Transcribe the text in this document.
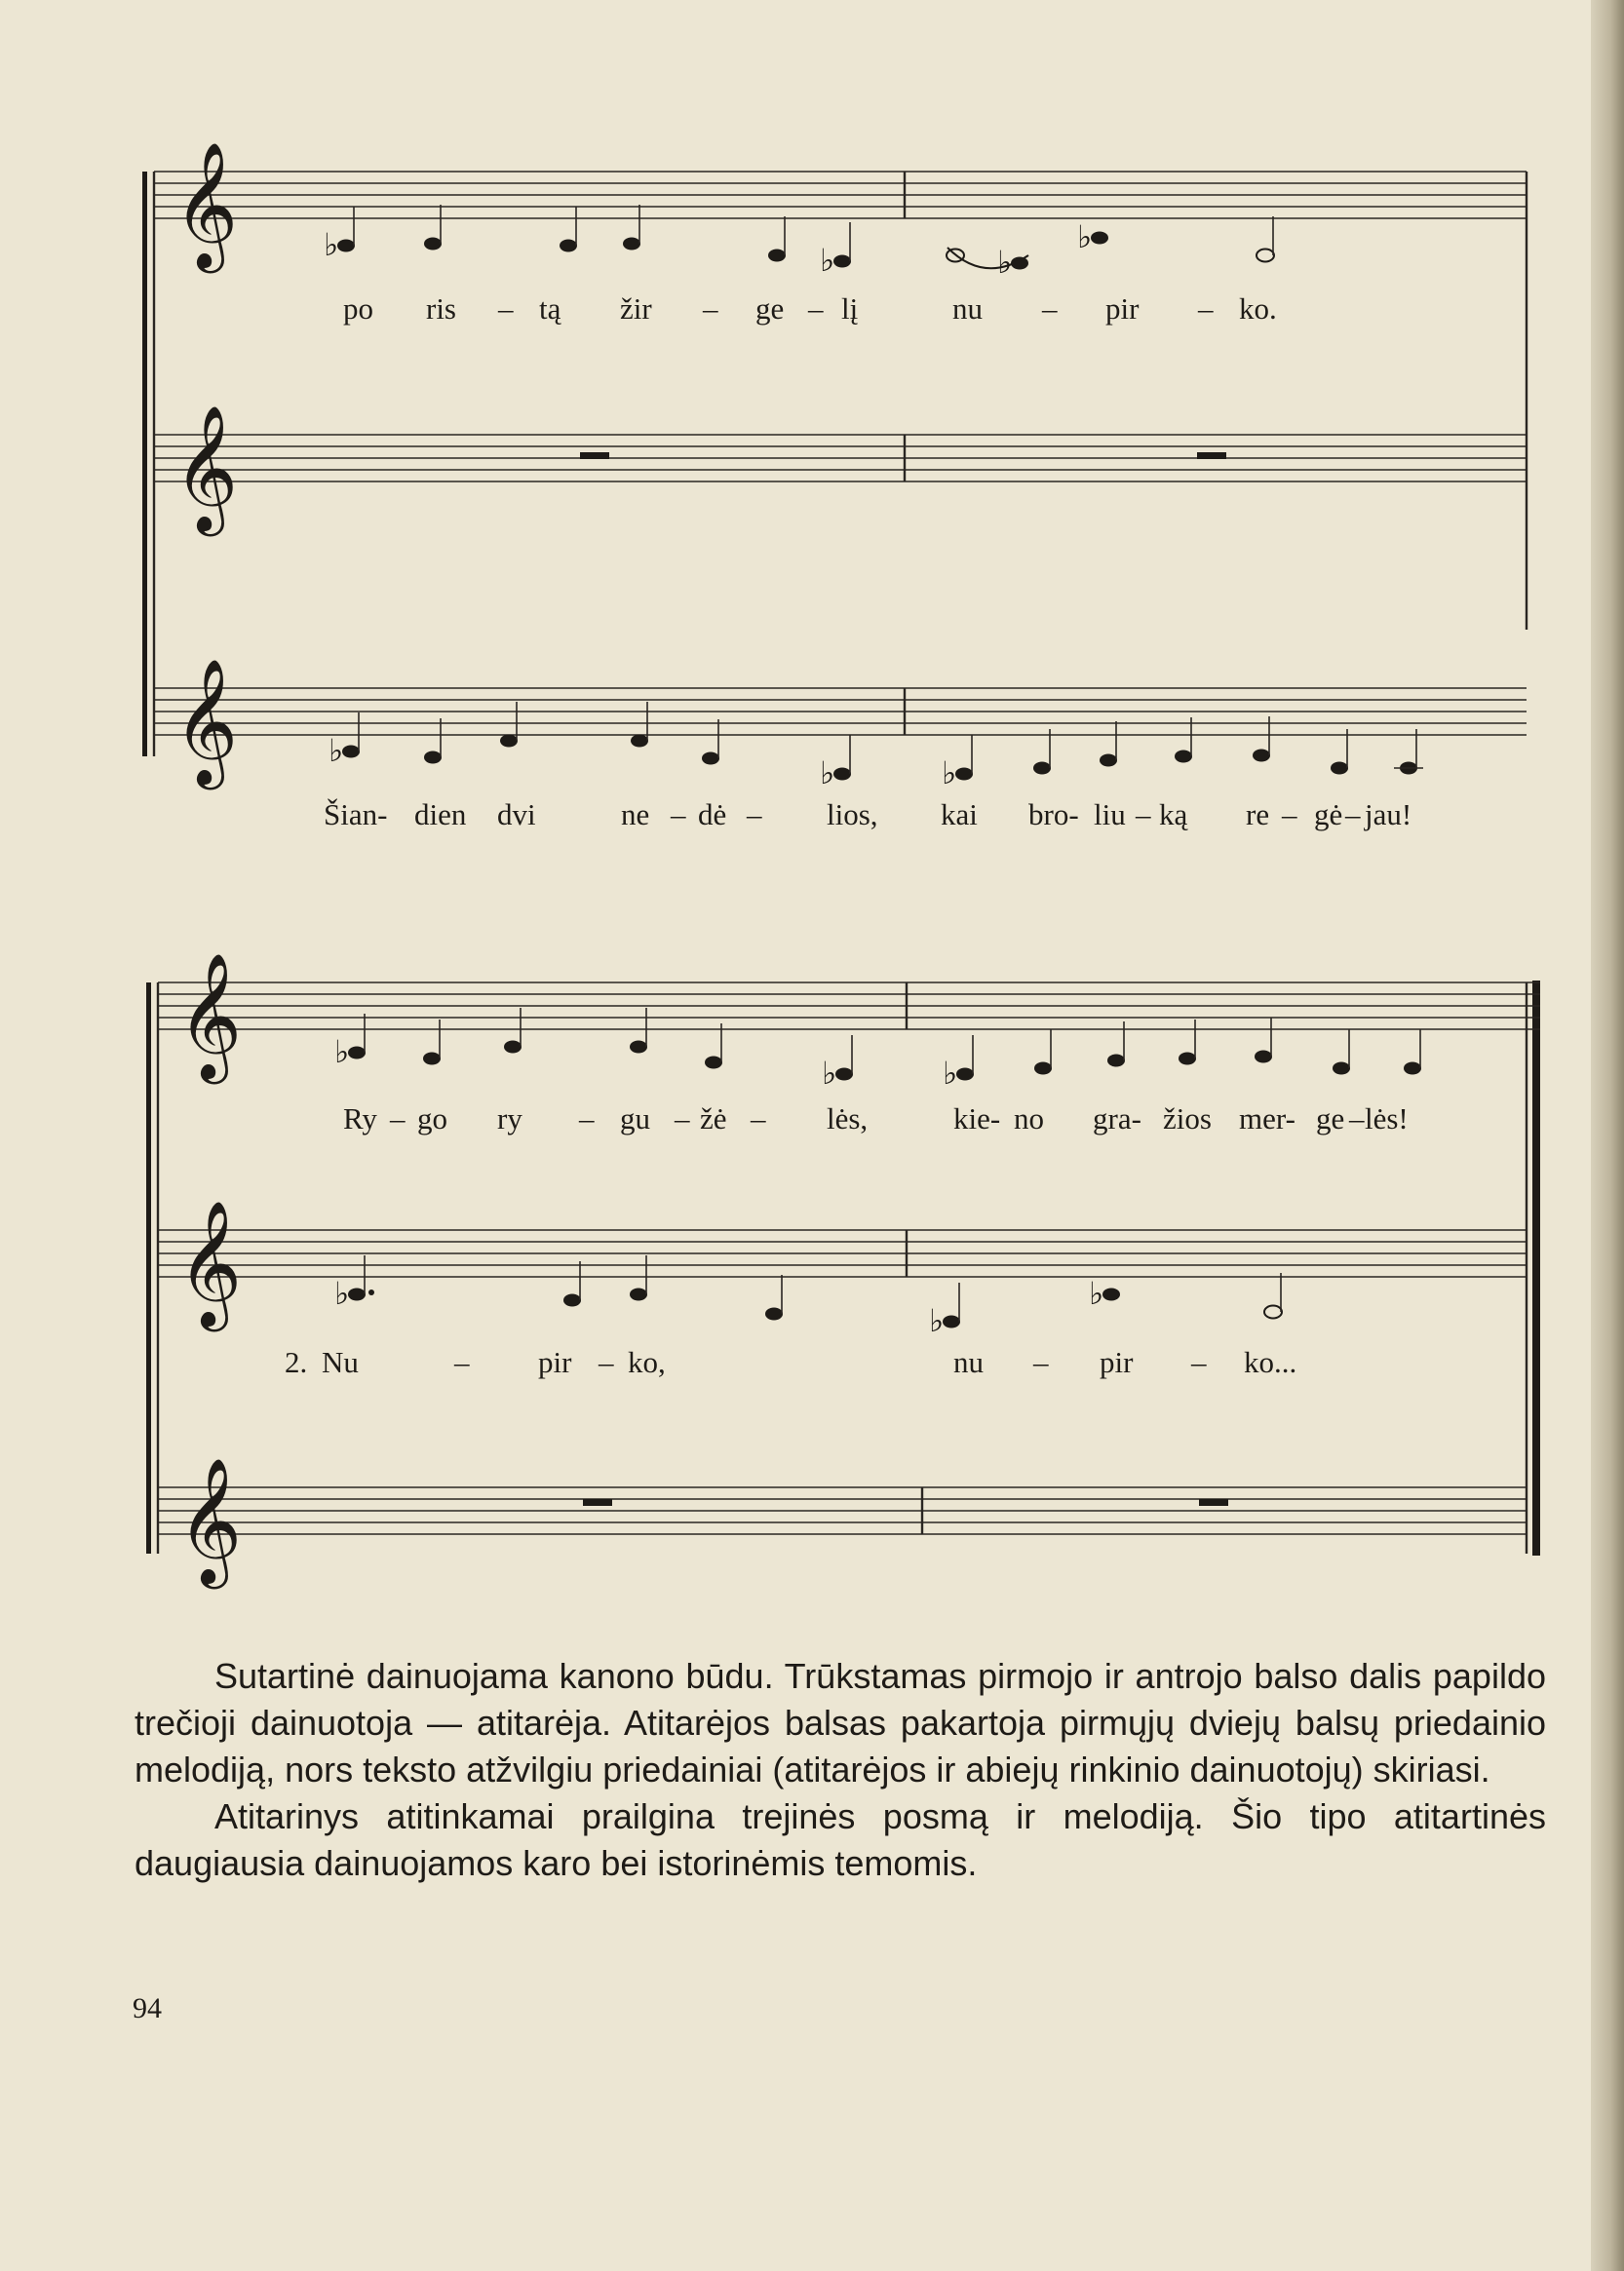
𝄞	♭	♭	♭
♭
po ris – tą žir – ge – lį	nu – pir – ko.
𝄞
𝄞	♭
♭	♭
Šian- dien dvi	ne – dė – lios, kai bro- liu – ką re – gė – jau!
𝄞	♭
♭	♭
Ry – go ry – gu – žė – lės,	kie- no gra- žios mer- ge – lės!
𝄞	♭
♭
♭
2. Nu	– pir – ko,	nu – pir – ko...
𝄞

Sutartinė dainuojama kanono būdu. Trūkstamas pirmojo ir antrojo balso dalis papildo trečioji dainuotoja — atitarėja. Atitarėjos balsas pakartoja pirmųjų dviejų balsų priedainio melodiją, nors teksto atžvilgiu priedainiai (atitarėjos ir abiejų rinkinio dainuotojų) skiriasi.

Atitarinys atitinkamai prailgina trejinės posmą ir melodiją. Šio tipo atitartinės daugiausia dainuojamos karo bei istorinėmis temomis.

94
